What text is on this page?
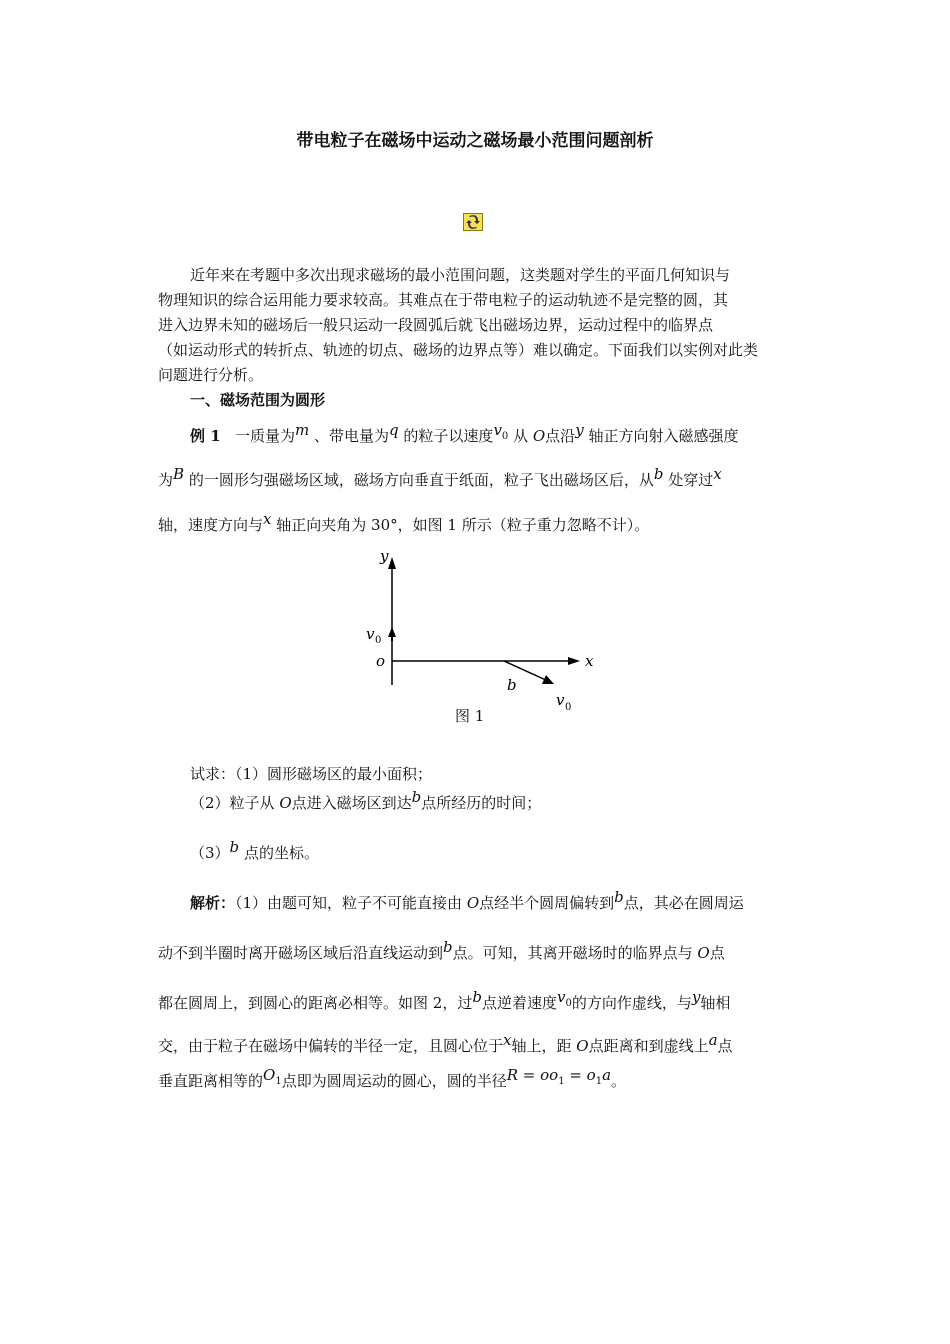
带电粒子在磁场中运动之磁场最小范围问题剖析
近年来在考题中多次出现求磁场的最小范围问题，这类题对学生的平面几何知识与
物理知识的综合运用能力要求较高。其难点在于带电粒子的运动轨迹不是完整的圆，其
进入边界未知的磁场后一般只运动一段圆弧后就飞出磁场边界，运动过程中的临界点
（如运动形式的转折点、轨迹的切点、磁场的边界点等）难以确定。下面我们以实例对此类
问题进行分析。
一、磁场范围为圆形
例 1 一质量为m 、带电量为q 的粒子以速度$v_0$ 从 O点沿y 轴正方向射入磁感强度
为B 的一圆形匀强磁场区域，磁场方向垂直于纸面，粒子飞出磁场区后，从b 处穿过x
轴，速度方向与x 轴正向夹角为 30°，如图 1 所示（粒子重力忽略不计）。
y
x
o
v 0
b
v 0
图 1
试求：（1）圆形磁场区的最小面积；
（2）粒子从 O点进入磁场区到达b点所经历的时间；
（3）b 点的坐标。
解析：（1）由题可知，粒子不可能直接由 O点经半个圆周偏转到b点，其必在圆周运
动不到半圈时离开磁场区域后沿直线运动到b点。可知，其离开磁场时的临界点与 O点
都在圆周上，到圆心的距离必相等。如图 2，过b点逆着速度$v_0$的方向作虚线，与y轴相
交，由于粒子在磁场中偏转的半径一定，且圆心位于x轴上，距 O点距离和到虚线上a点
垂直距离相等的$O_1$点即为圆周运动的圆心，圆的半径$R = oo_1 = o_1a$。
